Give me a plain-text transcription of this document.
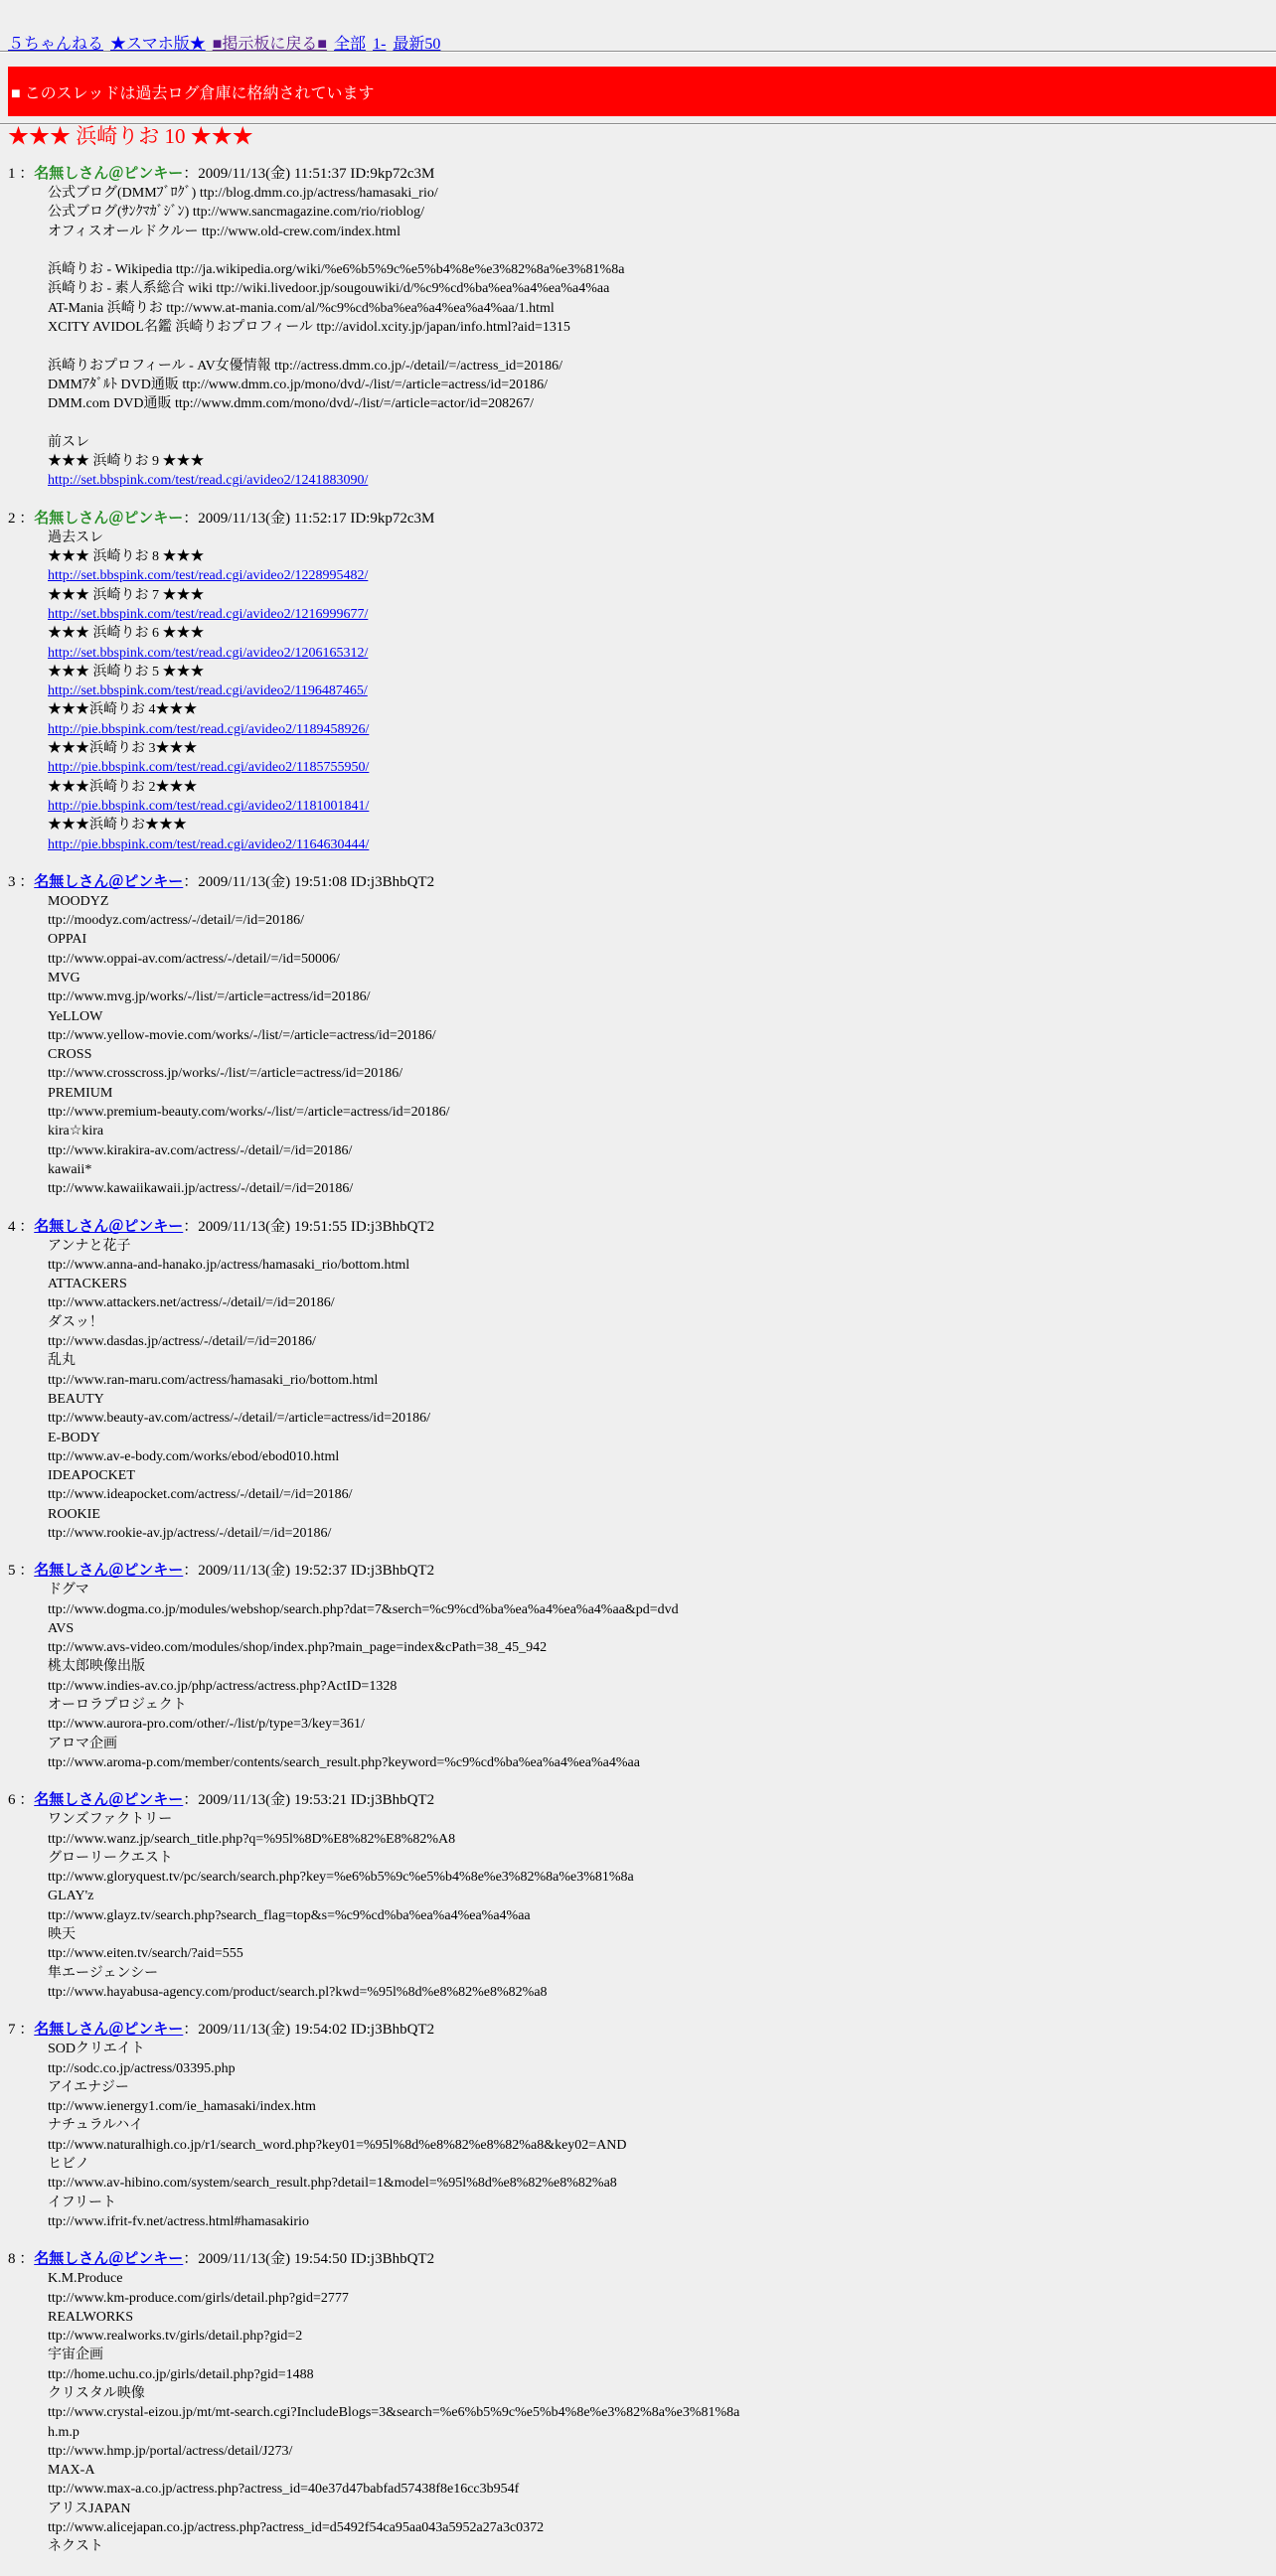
５ちゃんねる ★スマホ版★ ■掲示板に戻る■ 全部 1- 最新50
■ このスレッドは過去ログ倉庫に格納されています
★★★ 浜崎りお 10 ★★★
1 ：名無しさん＠ピンキー：2009/11/13(金) 11:51:37 ID:9kp72c3M
公式ブログ(DMMﾌﾞﾛｸﾞ) ttp://blog.dmm.co.jp/actress/hamasaki_rio/
公式ブログ(ｻﾝｸﾏｶﾞｼﾞﾝ) ttp://www.sancmagazine.com/rio/rioblog/
オフィスオールドクルー ttp://www.old-crew.com/index.html
浜崎りお - Wikipedia ttp://ja.wikipedia.org/wiki/%e6%b5%9c%e5%b4%8e%e3%82%8a%e3%81%8a
浜崎りお - 素人系総合 wiki ttp://wiki.livedoor.jp/sougouwiki/d/%c9%cd%ba%ea%a4%ea%a4%aa
AT-Mania 浜崎りお ttp://www.at-mania.com/al/%c9%cd%ba%ea%a4%ea%a4%aa/1.html
XCITY AVIDOL名鑑 浜崎りおプロフィール ttp://avidol.xcity.jp/japan/info.html?aid=1315
浜崎りおプロフィール - AV女優情報 ttp://actress.dmm.co.jp/-/detail/=/actress_id=20186/
DMMｱﾀﾞﾙﾄ DVD通販 ttp://www.dmm.co.jp/mono/dvd/-/list/=/article=actress/id=20186/
DMM.com DVD通販 ttp://www.dmm.com/mono/dvd/-/list/=/article=actor/id=208267/
前スレ
★★★ 浜崎りお 9 ★★★
http://set.bbspink.com/test/read.cgi/avideo2/1241883090/
2 ：名無しさん＠ピンキー：2009/11/13(金) 11:52:17 ID:9kp72c3M
過去スレ
★★★ 浜崎りお 8 ★★★
http://set.bbspink.com/test/read.cgi/avideo2/1228995482/
★★★ 浜崎りお 7 ★★★
http://set.bbspink.com/test/read.cgi/avideo2/1216999677/
★★★ 浜崎りお 6 ★★★
http://set.bbspink.com/test/read.cgi/avideo2/1206165312/
★★★ 浜崎りお 5 ★★★
http://set.bbspink.com/test/read.cgi/avideo2/1196487465/
★★★浜崎りお 4★★★
http://pie.bbspink.com/test/read.cgi/avideo2/1189458926/
★★★浜崎りお 3★★★
http://pie.bbspink.com/test/read.cgi/avideo2/1185755950/
★★★浜崎りお 2★★★
http://pie.bbspink.com/test/read.cgi/avideo2/1181001841/
★★★浜崎りお★★★
http://pie.bbspink.com/test/read.cgi/avideo2/1164630444/
3 ：名無しさん＠ピンキー：2009/11/13(金) 19:51:08 ID:j3BhbQT2
MOODYZ
ttp://moodyz.com/actress/-/detail/=/id=20186/
OPPAI
ttp://www.oppai-av.com/actress/-/detail/=/id=50006/
MVG
ttp://www.mvg.jp/works/-/list/=/article=actress/id=20186/
YeLLOW
ttp://www.yellow-movie.com/works/-/list/=/article=actress/id=20186/
CROSS
ttp://www.crosscross.jp/works/-/list/=/article=actress/id=20186/
PREMIUM
ttp://www.premium-beauty.com/works/-/list/=/article=actress/id=20186/
kira☆kira
ttp://www.kirakira-av.com/actress/-/detail/=/id=20186/
kawaii*
ttp://www.kawaiikawaii.jp/actress/-/detail/=/id=20186/
4 ：名無しさん＠ピンキー：2009/11/13(金) 19:51:55 ID:j3BhbQT2
アンナと花子
ttp://www.anna-and-hanako.jp/actress/hamasaki_rio/bottom.html
ATTACKERS
ttp://www.attackers.net/actress/-/detail/=/id=20186/
ダスッ！
ttp://www.dasdas.jp/actress/-/detail/=/id=20186/
乱丸
ttp://www.ran-maru.com/actress/hamasaki_rio/bottom.html
BEAUTY
ttp://www.beauty-av.com/actress/-/detail/=/article=actress/id=20186/
E-BODY
ttp://www.av-e-body.com/works/ebod/ebod010.html
IDEAPOCKET
ttp://www.ideapocket.com/actress/-/detail/=/id=20186/
ROOKIE
ttp://www.rookie-av.jp/actress/-/detail/=/id=20186/
5 ：名無しさん＠ピンキー：2009/11/13(金) 19:52:37 ID:j3BhbQT2
ドグマ
ttp://www.dogma.co.jp/modules/webshop/search.php?dat=7&serch=%c9%cd%ba%ea%a4%ea%a4%aa&pd=dvd
AVS
ttp://www.avs-video.com/modules/shop/index.php?main_page=index&cPath=38_45_942
桃太郎映像出版
ttp://www.indies-av.co.jp/php/actress/actress.php?ActID=1328
オーロラプロジェクト
ttp://www.aurora-pro.com/other/-/list/p/type=3/key=361/
アロマ企画
ttp://www.aroma-p.com/member/contents/search_result.php?keyword=%c9%cd%ba%ea%a4%ea%a4%aa
6 ：名無しさん＠ピンキー：2009/11/13(金) 19:53:21 ID:j3BhbQT2
ワンズファクトリー
ttp://www.wanz.jp/search_title.php?q=%95l%8D%E8%82%E8%82%A8
グローリークエスト
ttp://www.gloryquest.tv/pc/search/search.php?key=%e6%b5%9c%e5%b4%8e%e3%82%8a%e3%81%8a
GLAY'z
ttp://www.glayz.tv/search.php?search_flag=top&s=%c9%cd%ba%ea%a4%ea%a4%aa
映天
ttp://www.eiten.tv/search/?aid=555
隼エージェンシー
ttp://www.hayabusa-agency.com/product/search.pl?kwd=%95l%8d%e8%82%e8%82%a8
7 ：名無しさん＠ピンキー：2009/11/13(金) 19:54:02 ID:j3BhbQT2
SODクリエイト
ttp://sodc.co.jp/actress/03395.php
アイエナジー
ttp://www.ienergy1.com/ie_hamasaki/index.htm
ナチュラルハイ
ttp://www.naturalhigh.co.jp/r1/search_word.php?key01=%95l%8d%e8%82%e8%82%a8&key02=AND
ヒビノ
ttp://www.av-hibino.com/system/search_result.php?detail=1&model=%95l%8d%e8%82%e8%82%a8
イフリート
ttp://www.ifrit-fv.net/actress.html#hamasakirio
8 ：名無しさん＠ピンキー：2009/11/13(金) 19:54:50 ID:j3BhbQT2
K.M.Produce
ttp://www.km-produce.com/girls/detail.php?gid=2777
REALWORKS
ttp://www.realworks.tv/girls/detail.php?gid=2
宇宙企画
ttp://home.uchu.co.jp/girls/detail.php?gid=1488
クリスタル映像
ttp://www.crystal-eizou.jp/mt/mt-search.cgi?IncludeBlogs=3&search=%e6%b5%9c%e5%b4%8e%e3%82%8a%e3%81%8a
h.m.p
ttp://www.hmp.jp/portal/actress/detail/J273/
MAX-A
ttp://www.max-a.co.jp/actress.php?actress_id=40e37d47babfad57438f8e16cc3b954f
アリスJAPAN
ttp://www.alicejapan.co.jp/actress.php?actress_id=d5492f54ca95aa043a5952a27a3c0372
ネクスト
